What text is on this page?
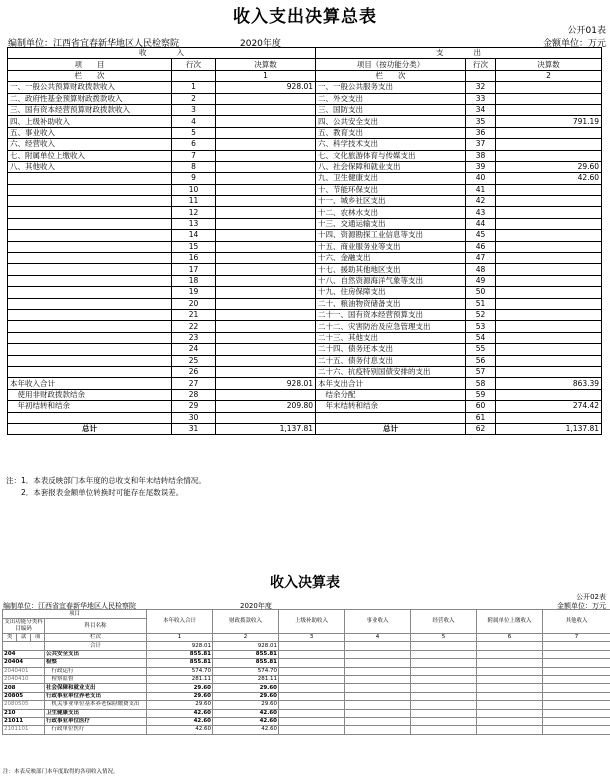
收入支出决算总表
公开01表
编制单位：江西省宜春新华地区人民检察院	2020年度	金额单位：万元
收　　　　入			支　　　　出		
项　　目	行次	决算数	项目（按功能分类）	行次	决算数
栏　　次		1	栏　　次		2
一、一般公共预算财政拨款收入	1	928.01	一、一般公共服务支出	32	
二、政府性基金预算财政拨款收入	2		二、外交支出	33	
三、国有资本经营预算财政拨款收入	3		三、国防支出	34	
四、上级补助收入	4		四、公共安全支出	35	791.19
五、事业收入	5		五、教育支出	36	
六、经营收入	6		六、科学技术支出	37	
七、附属单位上缴收入	7		七、文化旅游体育与传媒支出	38	
八、其他收入	8		八、社会保障和就业支出	39	29.60
	9		九、卫生健康支出	40	42.60
	10		十、节能环保支出	41	
	11		十一、城乡社区支出	42	
	12		十二、农林水支出	43	
	13		十三、交通运输支出	44	
	14		十四、资源勘探工业信息等支出	45	
	15		十五、商业服务业等支出	46	
	16		十六、金融支出	47	
	17		十七、援助其他地区支出	48	
	18		十八、自然资源海洋气象等支出	49	
	19		十九、住房保障支出	50	
	20		二十、粮油物资储备支出	51	
	21		二十一、国有资本经营预算支出	52	
	22		二十二、灾害防治及应急管理支出	53	
	23		二十三、其他支出	54	
	24		二十四、债务还本支出	55	
	25		二十五、债务付息支出	56	
	26		二十六、抗疫特别国债安排的支出	57	
本年收入合计	27	928.01	本年支出合计	58	863.39
　使用非财政拨款结余	28		　结余分配	59	
　年初结转和结余	29	209.80	　年末结转和结余	60	274.42
	30			61	
总计	31	1,137.81	总计	62	1,137.81
注：1．本表反映部门本年度的总收支和年末结转结余情况。
　　2．本套报表金额单位转换时可能存在尾数误差。
收入决算表
公开02表
编制单位：江西省宜春新华地区人民检察院	2020年度	金额单位：万元
项目				本年收入合计	财政拨款收入	上级补助收入	事业收入	经营收入	附属单位上缴收入	其他收入
支出功能分类科目编码			科目名称							

类	款	项	栏次	1	2	3	4	5	6	7
			合计	928.01	928.01					
204			公共安全支出	855.81	855.81					
20404			检察	855.81	855.81					
2040401			　行政运行	574.70	574.70					
2040410			　检察监督	281.11	281.11					
208			社会保障和就业支出	29.60	29.60					
20805			行政事业单位养老支出	29.60	29.60					
2080505			　机关事业单位基本养老保险缴费支出	29.60	29.60					
210			卫生健康支出	42.60	42.60					
21011			行政事业单位医疗	42.60	42.60					
2101101			　行政单位医疗	42.60	42.60					
注：本表反映部门本年度取得的各项收入情况。
